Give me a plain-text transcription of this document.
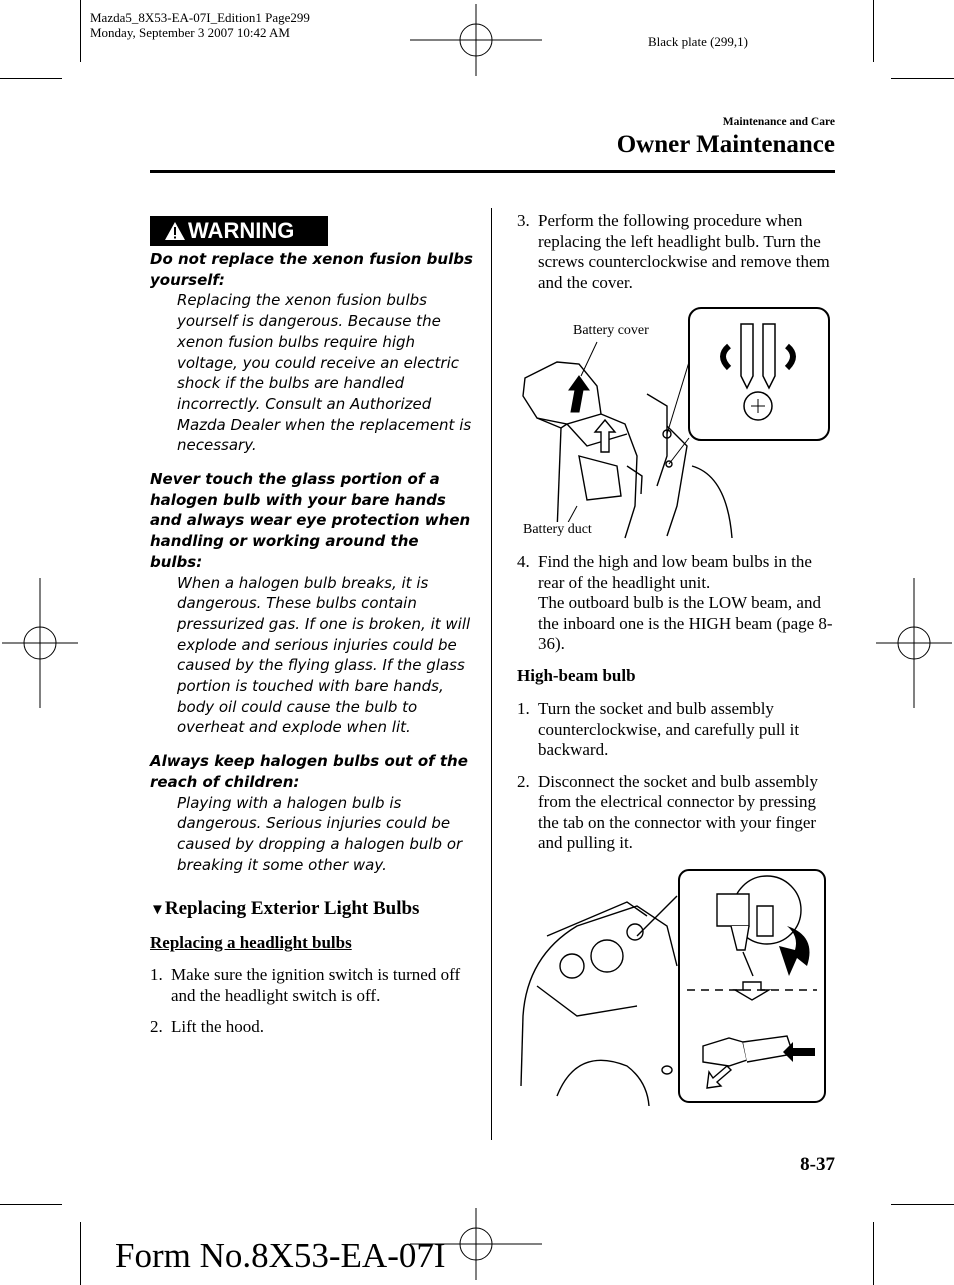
Mazda5_8X53-EA-07I_Edition1 Page299
Monday, September 3 2007 10:42 AM
Black plate (299,1)
Maintenance and Care
Owner Maintenance
WARNING
Do not replace the xenon fusion bulbs yourself:
Replacing the xenon fusion bulbs yourself is dangerous. Because the xenon fusion bulbs require high voltage, you could receive an electric shock if the bulbs are handled incorrectly. Consult an Authorized Mazda Dealer when the replacement is necessary.
Never touch the glass portion of a halogen bulb with your bare hands and always wear eye protection when handling or working around the bulbs:
When a halogen bulb breaks, it is dangerous. These bulbs contain pressurized gas. If one is broken, it will explode and serious injuries could be caused by the flying glass. If the glass portion is touched with bare hands, body oil could cause the bulb to overheat and explode when lit.
Always keep halogen bulbs out of the reach of children:
Playing with a halogen bulb is dangerous. Serious injuries could be caused by dropping a halogen bulb or breaking it some other way.
▼Replacing Exterior Light Bulbs
Replacing a headlight bulbs
1. Make sure the ignition switch is turned off and the headlight switch is off.
2. Lift the hood.
3. Perform the following procedure when replacing the left headlight bulb. Turn the screws counterclockwise and remove them and the cover.
Battery cover
Battery duct
4. Find the high and low beam bulbs in the rear of the headlight unit.
The outboard bulb is the LOW beam, and the inboard one is the HIGH beam (page 8-36).
High-beam bulb
1. Turn the socket and bulb assembly counterclockwise, and carefully pull it backward.
2. Disconnect the socket and bulb assembly from the electrical connector by pressing the tab on the connector with your finger and pulling it.
8-37
Form No.8X53-EA-07I
